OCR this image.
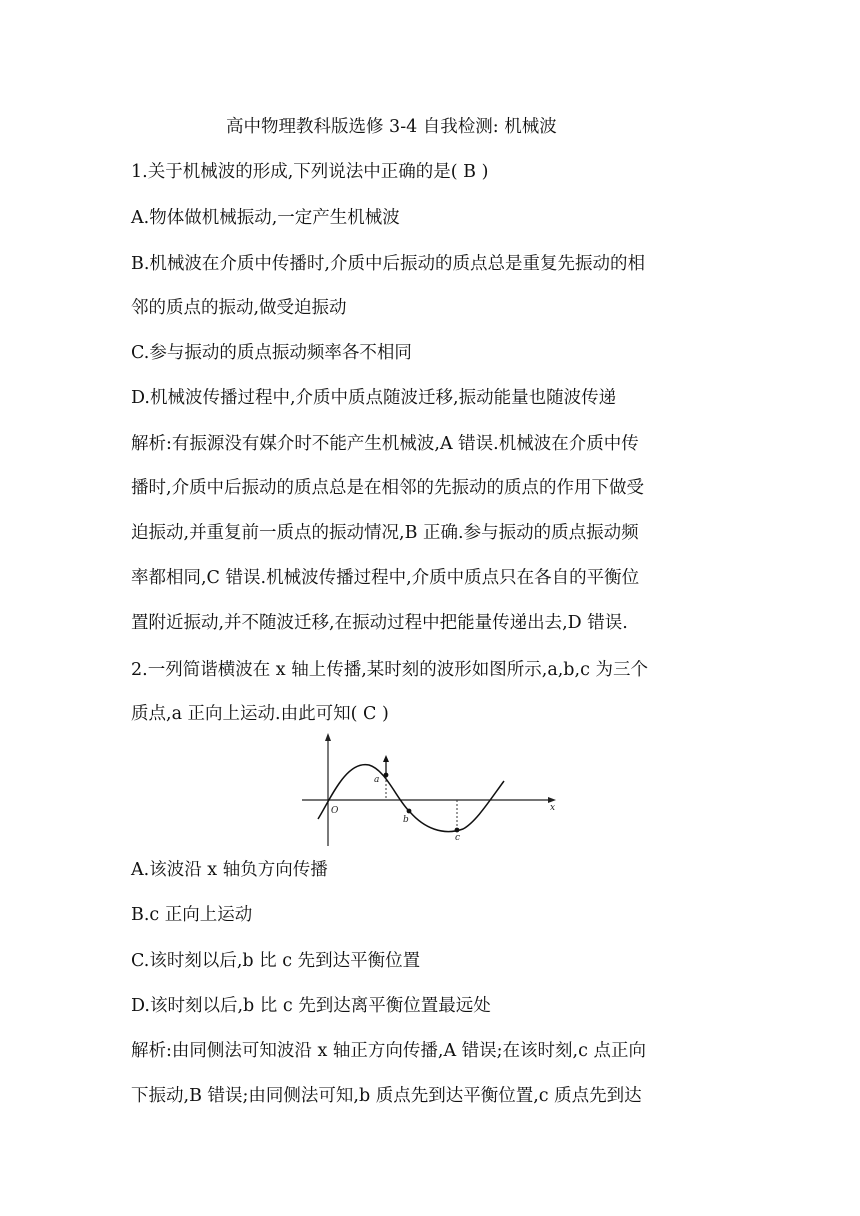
高中物理教科版选修 3-4 自我检测: 机械波
1.关于机械波的形成,下列说法中正确的是( B )
A.物体做机械振动,一定产生机械波
B.机械波在介质中传播时,介质中后振动的质点总是重复先振动的相
邻的质点的振动,做受迫振动
C.参与振动的质点振动频率各不相同
D.机械波传播过程中,介质中质点随波迁移,振动能量也随波传递
解析:有振源没有媒介时不能产生机械波,A 错误.机械波在介质中传
播时,介质中后振动的质点总是在相邻的先振动的质点的作用下做受
迫振动,并重复前一质点的振动情况,B 正确.参与振动的质点振动频
率都相同,C 错误.机械波传播过程中,介质中质点只在各自的平衡位
置附近振动,并不随波迁移,在振动过程中把能量传递出去,D 错误.
2.一列简谐横波在 x 轴上传播,某时刻的波形如图所示,a,b,c 为三个
质点,a 正向上运动.由此可知( C )
O	x
a
b
c
A.该波沿 x 轴负方向传播
B.c 正向上运动
C.该时刻以后,b 比 c 先到达平衡位置
D.该时刻以后,b 比 c 先到达离平衡位置最远处
解析:由同侧法可知波沿 x 轴正方向传播,A 错误;在该时刻,c 点正向
下振动,B 错误;由同侧法可知,b 质点先到达平衡位置,c 质点先到达
